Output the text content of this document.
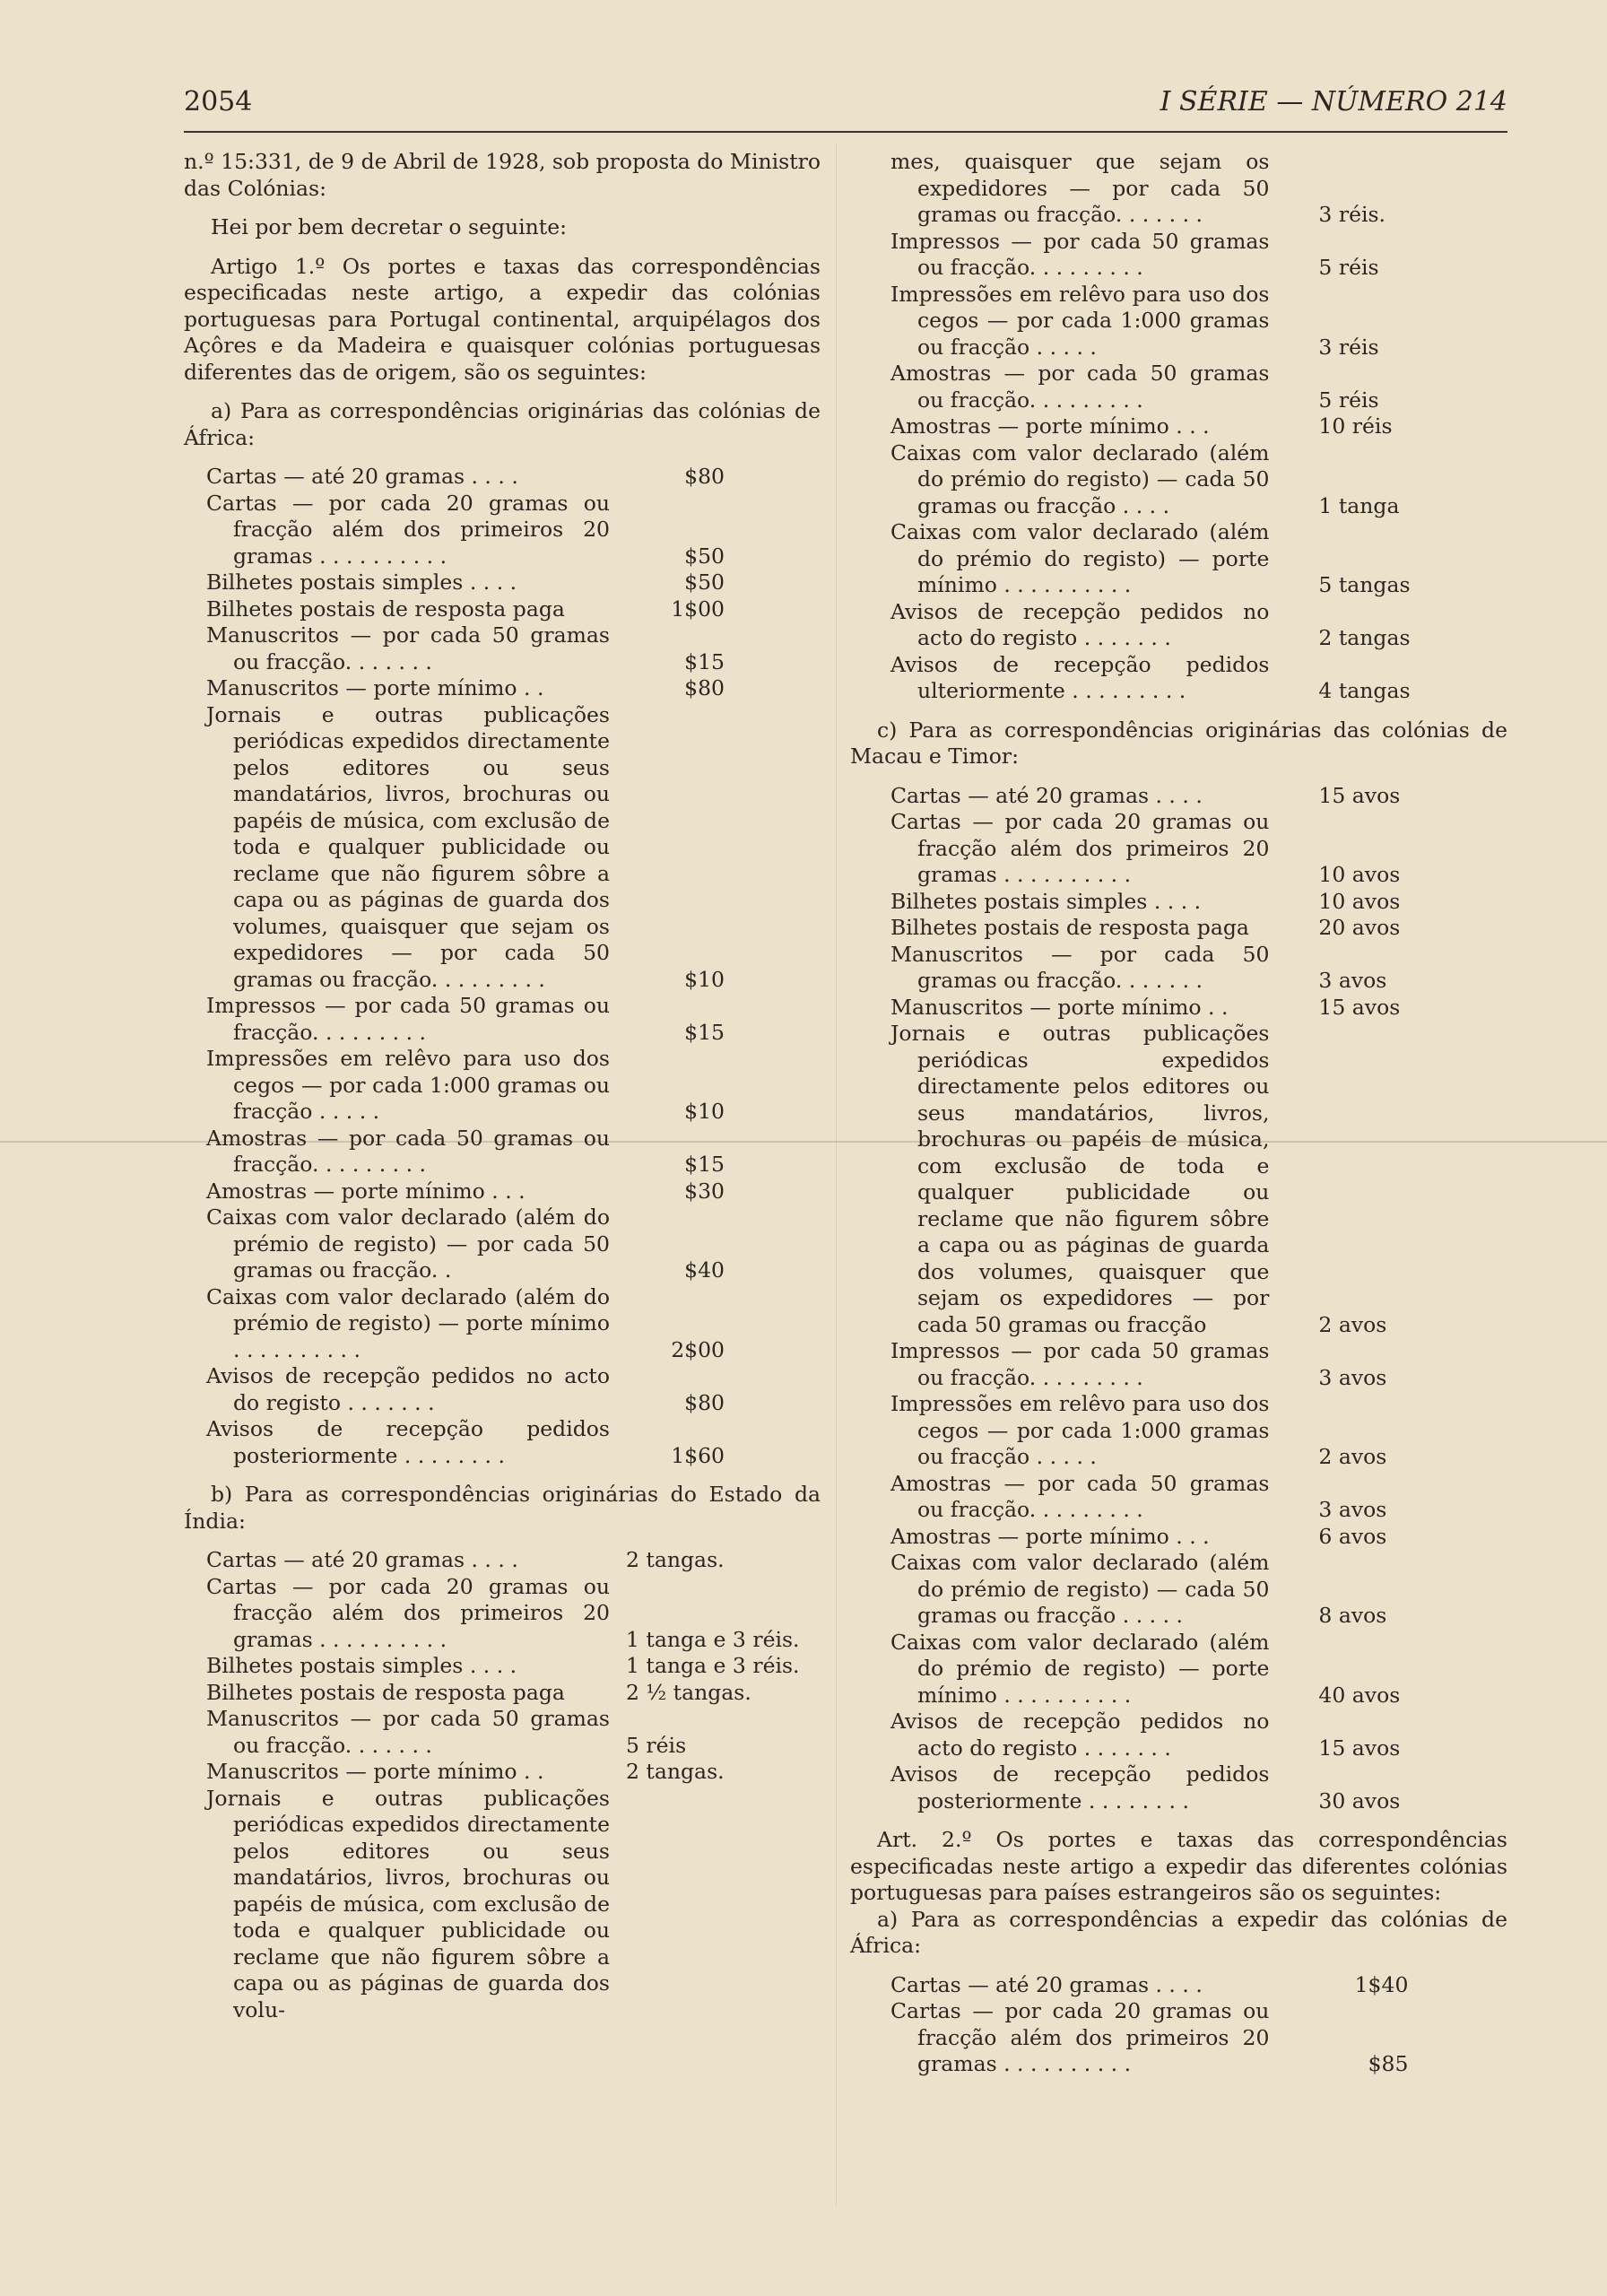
2054	I SÉRIE — NÚMERO 214

n.º 15:331, de 9 de Abril de 1928, sob proposta do Ministro das Colónias:

Hei por bem decretar o seguinte:

Artigo 1.º Os portes e taxas das correspondências especificadas neste artigo, a expedir das colónias portuguesas para Portugal continental, arquipélagos dos Açôres e da Madeira e quaisquer colónias portuguesas diferentes das de origem, são os seguintes:

a) Para as correspondências originárias das colónias de África:

Cartas — até 20 gramas . . . .	$80
Cartas — por cada 20 gramas ou fracção além dos primeiros 20 gramas . . . . . . . . . .	$50
Bilhetes postais simples . . . .	$50
Bilhetes postais de resposta paga	1$00
Manuscritos — por cada 50 gramas ou fracção. . . . . . .	$15
Manuscritos — porte mínimo . .	$80
Jornais e outras publicações periódicas expedidos directamente pelos editores ou seus mandatários, livros, brochuras ou papéis de música, com exclusão de toda e qualquer publicidade ou reclame que não figurem sôbre a capa ou as páginas de guarda dos volumes, quaisquer que sejam os expedidores — por cada 50 gramas ou fracção. . . . . . . . .	$10
Impressos — por cada 50 gramas ou fracção. . . . . . . . .	$15
Impressões em relêvo para uso dos cegos — por cada 1:000 gramas ou fracção . . . . .	$10
Amostras — por cada 50 gramas ou fracção. . . . . . . . .	$15
Amostras — porte mínimo . . .	$30
Caixas com valor declarado (além do prémio de registo) — por cada 50 gramas ou fracção. .	$40
Caixas com valor declarado (além do prémio de registo) — porte mínimo . . . . . . . . . .	2$00
Avisos de recepção pedidos no acto do registo . . . . . . .	$80
Avisos de recepção pedidos posteriormente . . . . . . . .	1$60

b) Para as correspondências originárias do Estado da Índia:

Cartas — até 20 gramas . . . .	2 tangas.
Cartas — por cada 20 gramas ou fracção além dos primeiros 20 gramas . . . . . . . . . .	1 tanga e 3 réis.
Bilhetes postais simples . . . .	1 tanga e 3 réis.
Bilhetes postais de resposta paga	2 ½ tangas.
Manuscritos — por cada 50 gramas ou fracção. . . . . . .	5 réis
Manuscritos — porte mínimo . .	2 tangas.
Jornais e outras publicações periódicas expedidos directamente pelos editores ou seus mandatários, livros, brochuras ou papéis de música, com exclusão de toda e qualquer publicidade ou reclame que não figurem sôbre a capa ou as páginas de guarda dos volu-
mes, quaisquer que sejam os expedidores — por cada 50 gramas ou fracção. . . . . . .	3 réis.
Impressos — por cada 50 gramas ou fracção. . . . . . . . .	5 réis
Impressões em relêvo para uso dos cegos — por cada 1:000 gramas ou fracção . . . . .	3 réis
Amostras — por cada 50 gramas ou fracção. . . . . . . . .	5 réis
Amostras — porte mínimo . . .	10 réis
Caixas com valor declarado (além do prémio do registo) — cada 50 gramas ou fracção . . . .	1 tanga
Caixas com valor declarado (além do prémio do registo) — porte mínimo . . . . . . . . . .	5 tangas
Avisos de recepção pedidos no acto do registo . . . . . . .	2 tangas
Avisos de recepção pedidos ulteriormente . . . . . . . . .	4 tangas

c) Para as correspondências originárias das colónias de Macau e Timor:

Cartas — até 20 gramas . . . .	15 avos
Cartas — por cada 20 gramas ou fracção além dos primeiros 20 gramas . . . . . . . . . .	10 avos
Bilhetes postais simples . . . .	10 avos
Bilhetes postais de resposta paga	20 avos
Manuscritos — por cada 50 gramas ou fracção. . . . . . .	3 avos
Manuscritos — porte mínimo . .	15 avos
Jornais e outras publicações periódicas expedidos directamente pelos editores ou seus mandatários, livros, brochuras ou papéis de música, com exclusão de toda e qualquer publicidade ou reclame que não figurem sôbre a capa ou as páginas de guarda dos volumes, quaisquer que sejam os expedidores — por cada 50 gramas ou fracção	2 avos
Impressos — por cada 50 gramas ou fracção. . . . . . . . .	3 avos
Impressões em relêvo para uso dos cegos — por cada 1:000 gramas ou fracção . . . . .	2 avos
Amostras — por cada 50 gramas ou fracção. . . . . . . . .	3 avos
Amostras — porte mínimo . . .	6 avos
Caixas com valor declarado (além do prémio de registo) — cada 50 gramas ou fracção . . . . .	8 avos
Caixas com valor declarado (além do prémio de registo) — porte mínimo . . . . . . . . . .	40 avos
Avisos de recepção pedidos no acto do registo . . . . . . .	15 avos
Avisos de recepção pedidos posteriormente . . . . . . . .	30 avos

Art. 2.º Os portes e taxas das correspondências especificadas neste artigo a expedir das diferentes colónias portuguesas para países estrangeiros são os seguintes:

a) Para as correspondências a expedir das colónias de África:

Cartas — até 20 gramas . . . .	1$40
Cartas — por cada 20 gramas ou fracção além dos primeiros 20 gramas . . . . . . . . . .	$85
